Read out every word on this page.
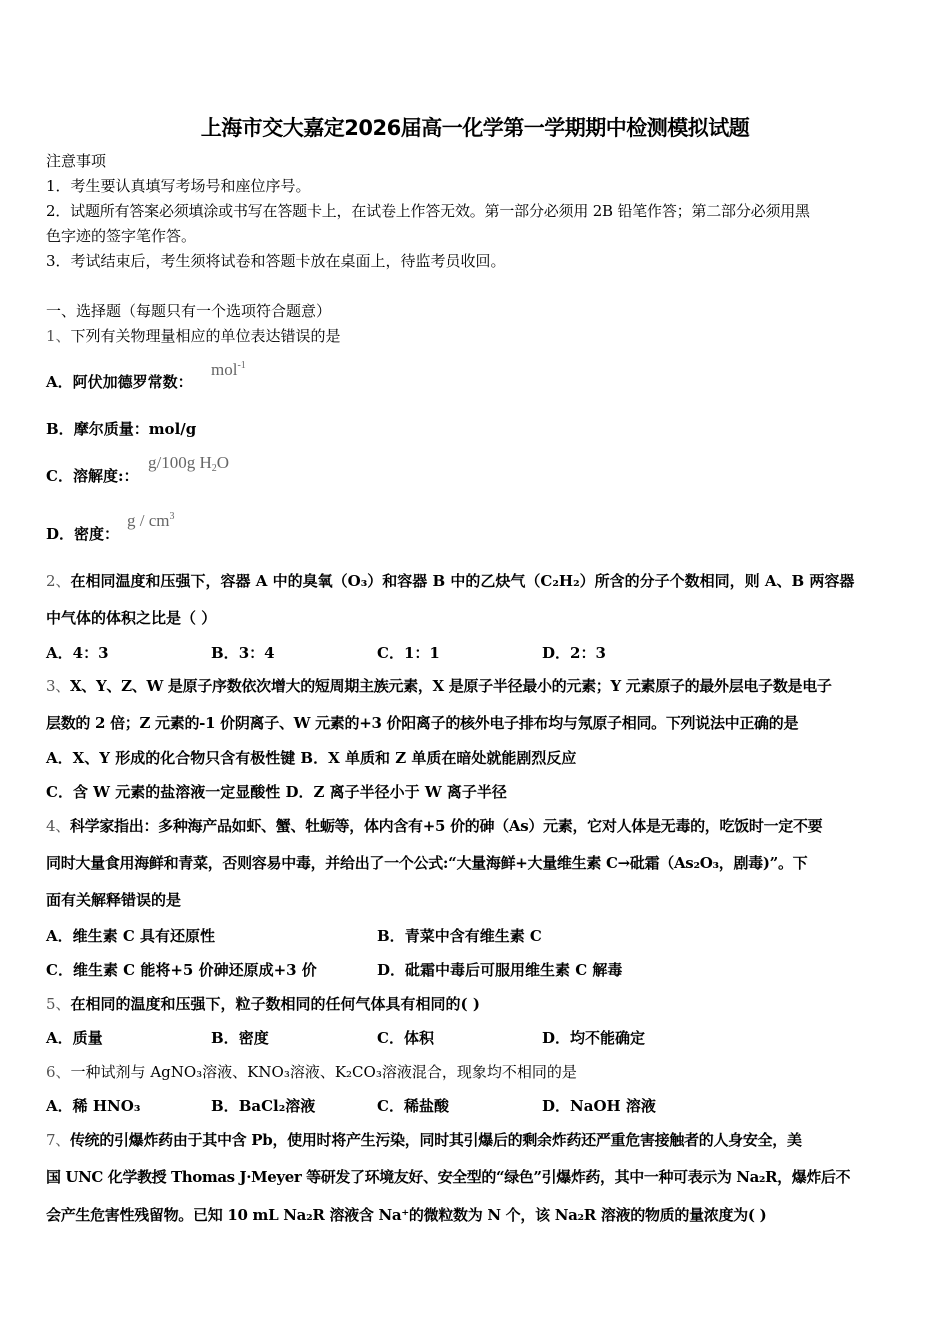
上海市交大嘉定2026届高一化学第一学期期中检测模拟试题
注意事项
1．考生要认真填写考场号和座位序号。
2．试题所有答案必须填涂或书写在答题卡上，在试卷上作答无效。第一部分必须用 2B 铅笔作答；第二部分必须用黑
色字迹的签字笔作答。
3．考试结束后，考生须将试卷和答题卡放在桌面上，待监考员收回。
一、选择题（每题只有一个选项符合题意）
1、下列有关物理量相应的单位表达错误的是
A．阿伏加德罗常数：
mol$^{-1}$
B．摩尔质量：mol/g
C．溶解度:：
g/100g $H_2O$
D．密度：
g / $cm^3$
2、在相同温度和压强下，容器 A 中的臭氧（O₃）和容器 B 中的乙炔气（C₂H₂）所含的分子个数相同，则 A、B 两容器
中气体的体积之比是（ ）
A．4：3	B．3：4	C．1：1	D．2：3
3、X、Y、Z、W 是原子序数依次增大的短周期主族元素，X 是原子半径最小的元素；Y 元素原子的最外层电子数是电子
层数的 2 倍；Z 元素的-1 价阴离子、W 元素的+3 价阳离子的核外电子排布均与氖原子相同。下列说法中正确的是
A．X、Y 形成的化合物只含有极性键 B．X 单质和 Z 单质在暗处就能剧烈反应
C．含 W 元素的盐溶液一定显酸性 D．Z 离子半径小于 W 离子半径
4、科学家指出：多种海产品如虾、蟹、牡蛎等，体内含有+5 价的砷（As）元素，它对人体是无毒的，吃饭时一定不要
同时大量食用海鲜和青菜，否则容易中毒，并给出了一个公式:“大量海鲜+大量维生素 C→砒霜（As₂O₃，剧毒)”。下
面有关解释错误的是
A．维生素 C 具有还原性	B．青菜中含有维生素 C
C．维生素 C 能将+5 价砷还原成+3 价	D．砒霜中毒后可服用维生素 C 解毒
5、在相同的温度和压强下，粒子数相同的任何气体具有相同的( )
A．质量	B．密度	C．体积	D．均不能确定
6、一种试剂与 AgNO₃溶液、KNO₃溶液、K₂CO₃溶液混合，现象均不相同的是
A．稀 HNO₃	B．BaCl₂溶液	C．稀盐酸	D．NaOH 溶液
7、传统的引爆炸药由于其中含 Pb，使用时将产生污染，同时其引爆后的剩余炸药还严重危害接触者的人身安全，美
国 UNC 化学教授 Thomas J·Meyer 等研发了环境友好、安全型的“绿色”引爆炸药，其中一种可表示为 Na₂R，爆炸后不
会产生危害性残留物。已知 10 mL Na₂R 溶液含 Na⁺的微粒数为 N 个，该 Na₂R 溶液的物质的量浓度为( )
